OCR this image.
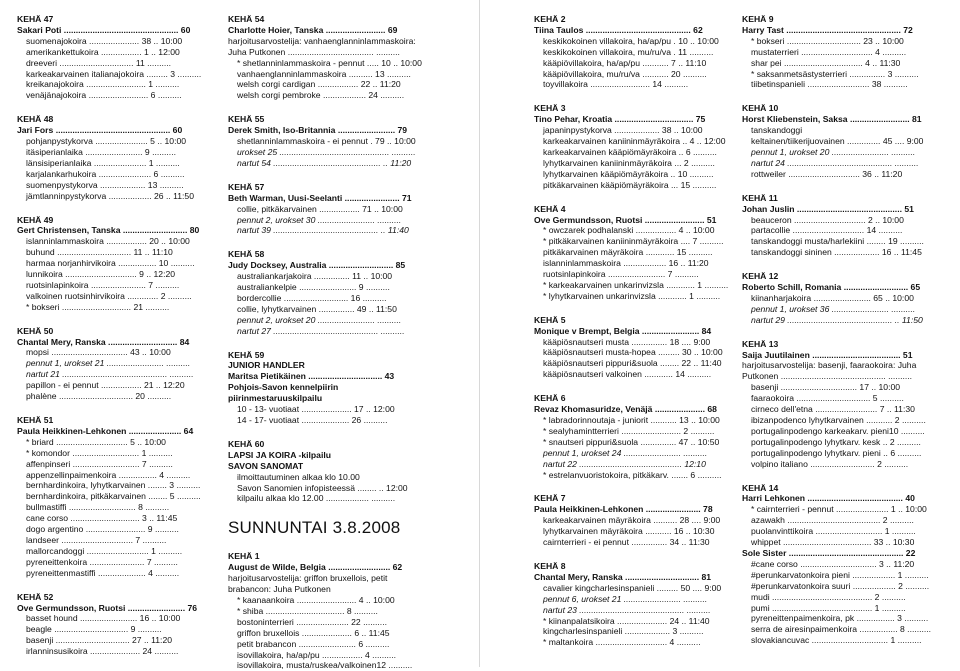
KEHÄ 47
Sakari Poti ................................................ 60
suomenajokoira ..................... 38 .. 10:00
amerikankettukoira ................. 1 .. 12:00
dreeveri ............................... 11 ..........
karkeakarvainen italianajokoira ......... 3 ..........
kreikanajokoira ......................... 1 ..........
venäjänajokoira ......................... 6 ..........
KEHÄ 48
Jari Fors ................................................ 60
pohjanpystykorva ...................... 5 .. 10:00
itäsiperianlaika ........................ 9 ..........
länsisiperianlaika ...................... 1 ..........
karjalankarhukoira ...................... 6 ..........
suomenpystykorva ................... 13 ..........
jämtlanninpystykorva .................. 26 .. 11:50
KEHÄ 49
Gert Christensen, Tanska ........................... 80
islanninlammaskoira ................. 20 .. 10:00
buhund ............................... 11 .. 11:10
harmaa norjanhirvikoira ................ 10 ..........
lunnikoira .............................. 9 .. 12:20
ruotsinlapinkoira ....................... 7 ..........
valkoinen ruotsinhirvikoira ............. 2 ..........
* bokseri ............................. 21 ..........
KEHÄ 50
Chantal Mery, Ranska ............................. 84
mopsi ................................ 43 .. 10:00
pennut 1, urokset 21 ........................ ..........
nartut 21 ............................................ ..........
papillon - ei pennut ................. 21 .. 12:20
phalène ............................... 20 ..........
KEHÄ 51
Paula Heikkinen-Lehkonen ...................... 64
* briard .............................. 5 .. 10:00
* komondor ............................ 1 ..........
affenpinseri ............................ 7 ..........
appenzellinpaimenkoira ................ 4 ..........
bernhardinkoira, lyhytkarvainen ........ 3 ..........
bernhardinkoira, pitkäkarvainen ........ 5 ..........
bullmastiffi ............................ 8 ..........
cane corso ............................. 3 .. 11:45
dogo argentino ......................... 9 ..........
landseer .............................. 7 ..........
mallorcandoggi .......................... 1 ..........
pyreneittenkoira ....................... 7 ..........
pyreneittenmastiffi .................... 4 ..........
KEHÄ 52
Ove Germundsson, Ruotsi ........................ 76
basset hound ........................ 16 .. 10:00
beagle ............................... 9 ..........
basenji ............................... 27 .. 11:20
irlanninsusikoira ..................... 24 ..........
KEHÄ 54
Charlotte Hoier, Tanska ......................... 69
harjoitusarvostelija: vanhaenglanninlammaskoira:
Juha Putkonen .................................... ..........
* shetlanninlammaskoira - pennut ..... 10 .. 10:00
vanhaenglanninlammaskoira .......... 13 ..........
welsh corgi cardigan ................. 22 .. 11:20
welsh corgi pembroke .................. 24 ..........
KEHÄ 55
Derek Smith, Iso-Britannia ........................ 79
shetlanninlammaskoira - ei pennut . 79 .. 10:00
urokset 25 .............................................. ..........
nartut 54 ............................................. .. 11:20
KEHÄ 57
Beth Warman, Uusi-Seelanti ....................... 71
collie, pitkäkarvainen ................. 71 .. 10:00
pennut 2, urokset 30 ........................ ..........
nartut 39 ............................................ .. 11:40
KEHÄ 58
Judy Docksey, Australia ........................... 85
australiankarjakoira ............... 11 .. 10:00
australiankelpie ........................ 9 ..........
bordercollie ........................... 16 ..........
collie, lyhytkarvainen ............... 49 .. 11:50
pennut 2, urokset 20 ........................ ..........
nartut 27 ............................................ ..........
KEHÄ 59
JUNIOR HANDLER
Maritsa Pietikäinen ............................... 43
Pohjois-Savon kennelpiirin
piirinmestaruuskilpailu
10 - 13- vuotiaat ..................... 17 .. 12:00
14 - 17- vuotiaat .................... 26 ..........
KEHÄ 60
LAPSI JA KOIRA -kilpailu
SAVON SANOMAT
ilmoittautuminen alkaa klo 10.00
Savon Sanomien infopisteessä ........ .. 12:00
kilpailu alkaa klo 12.00 .................. ..........
SUNNUNTAI 3.8.2008
KEHÄ 1
August de Wilde, Belgia .......................... 62
harjoitusarvostelija: griffon bruxellois, petit
brabancon: Juha Putkonen
* kaanaankoira ......................... 4 .. 10:00
* shiba ................................. 8 ..........
bostoninterrieri ...................... 22 ..........
griffon bruxellois ..................... 6 .. 11:45
petit brabancon ........................ 6 ..........
isovillakoira, ha/ap/pu ................. 4 ..........
isovillakoira, musta/ruskea/valkoinen12 ..........
KEHÄ 2
Tiina Taulos ............................................ 62
keskikokoinen villakoira, ha/ap/pu . 10 .. 10:00
keskikokoinen villakoira, mu/ru/va . 11 ..........
kääpiövillakoira, ha/ap/pu ........... 7 .. 11:10
kääpiövillakoira, mu/ru/va ........... 20 ..........
toyvillakoira ......................... 14 ..........
KEHÄ 3
Tino Pehar, Kroatia ................................. 75
japaninpystykorva ................... 38 .. 10:00
karkeakarvainen kaniininmäyräkoira .. 4 .. 12:00
karkeakarvainen kääpiömäyräkoira .. 6 ..........
lyhytkarvainen kaniininmäyräkoira ... 2 ..........
lyhytkarvainen kääpiömäyräkoira .. 10 ..........
pitkäkarvainen kääpiömäyräkoira ... 15 ..........
KEHÄ 4
Ove Germundsson, Ruotsi ......................... 51
* owczarek podhalanski ................. 4 .. 10:00
* pitkäkarvainen kaniininmäyräkoira .... 7 ..........
pitkäkarvainen mäyräkoira ............ 15 ..........
islanninlammaskoira .................. 16 .. 11:20
ruotsinlapinkoira ........................ 7 ..........
* karkeakarvainen unkarinvizsla ............ 1 ..........
* lyhytkarvainen unkarinvizsla ............ 1 ..........
KEHÄ 5
Monique v Brempt, Belgia ........................ 84
kääpiösnautseri musta ............... 18 .... 9:00
kääpiösnautseri musta-hopea ......... 30 .. 10:00
kääpiösnautseri pippuri&suola ........ 22 .. 11:40
kääpiösnautseri valkoinen ............ 14 ..........
KEHÄ 6
Revaz Khomasuridze, Venäjä ..................... 68
* labradorinnoutaja - juniorit ........... 13 .. 10:00
* sealyhamintterrieri ......................... 2 ..........
* snautseri pippuri&suola ............... 47 .. 10:50
pennut 1, urokset 24 ........................ ..........
nartut 22 ........................................... 12:10
* estrelanvuoristokoira, pitkäkarv. ....... 6 ..........
KEHÄ 7
Paula Heikkinen-Lehkonen ....................... 78
karkeakarvainen mäyräkoira .......... 28 .... 9:00
lyhytkarvainen mäyräkoira ........... 16 .. 10:30
cairnterrieri - ei pennut ............... 34 .. 11:30
KEHÄ 8
Chantal Mery, Ranska ............................... 81
cavalier kingcharlesinspanieli ......... 50 .... 9:00
pennut 6, urokset 21 ........................ ..........
nartut 23 ............................................ ..........
* kiinanpalatsikoira ..................... 24 .. 11:40
kingcharlesinspanieli ................... 3 ..........
* maltankoira .............................. 4 ..........
KEHÄ 9
Harry Tast ................................................ 72
* bokseri ............................... 23 .. 10:00
mustaterrieri .............................. 4 ..........
shar pei ................................. 4 .. 11:30
* saksanmetsästysterrieri ............... 3 ..........
tiibetinspanieli .......................... 38 ..........
KEHÄ 10
Horst Kliebenstein, Saksa ......................... 81
tanskandoggi
keltainen/tiikerijuovainen .............. 45 .... 9:00
pennut 1, urokset 20 ........................ ..........
nartut 24 ............................................ ..........
rottweiler .............................. 36 .. 11:20
KEHÄ 11
Johan Juslin ............................................ 51
beauceron .............................. 2 .. 10:00
partacollie .............................. 14 ..........
tanskandoggi musta/harlekiini ........ 19 ..........
tanskandoggi sininen ................... 16 .. 11:45
KEHÄ 12
Roberto Schill, Romania ........................... 65
kiinanharjakoira ........................ 65 .. 10:00
pennut 1, urokset 36 ........................ ..........
nartut 29 ............................................ .. 11:50
KEHÄ 13
Saija Juutilainen ..................................... 51
harjoitusarvostelija: basenji, faaraokoira: Juha
Putkonen ............................................ ..........
basenji ................................ 17 .. 10:00
faaraokoira ............................... 5 ..........
cirneco dell'etna .......................... 7 .. 11:30
ibizanpodenco lyhytkarvainen ........... 2 ..........
portugalinpodengo karkeakarv. pieni10 ..........
portugalinpodengo lyhytkarv. kesk .. 2 ..........
portugalinpodengo lyhytkarv. pieni .. 6 ..........
volpino italiano ........................... 2 ..........
KEHÄ 14
Harri Lehkonen ........................................ 40
* cairnterrieri - pennut ...................... 1 .. 10:00
azawakh ....................................... 2 ..........
puolanvinttikoira ............................ 1 ..........
whippet ..................................... 33 .. 10:30
Sole Sister ................................................ 22
#cane corso ................................ 3 .. 11:20
#perunkarvatonkoira pieni .................. 1 ..........
#perunkarvatonkoira suuri .................. 2 ..........
mudi .......................................... 2 ..........
pumi .......................................... 1 ..........
pyreneittenpaimenkoira, pk ................ 3 ..........
serra de airesinpaimenkoira ................ 8 ..........
slovakiancuvac ................................ 1 ..........
